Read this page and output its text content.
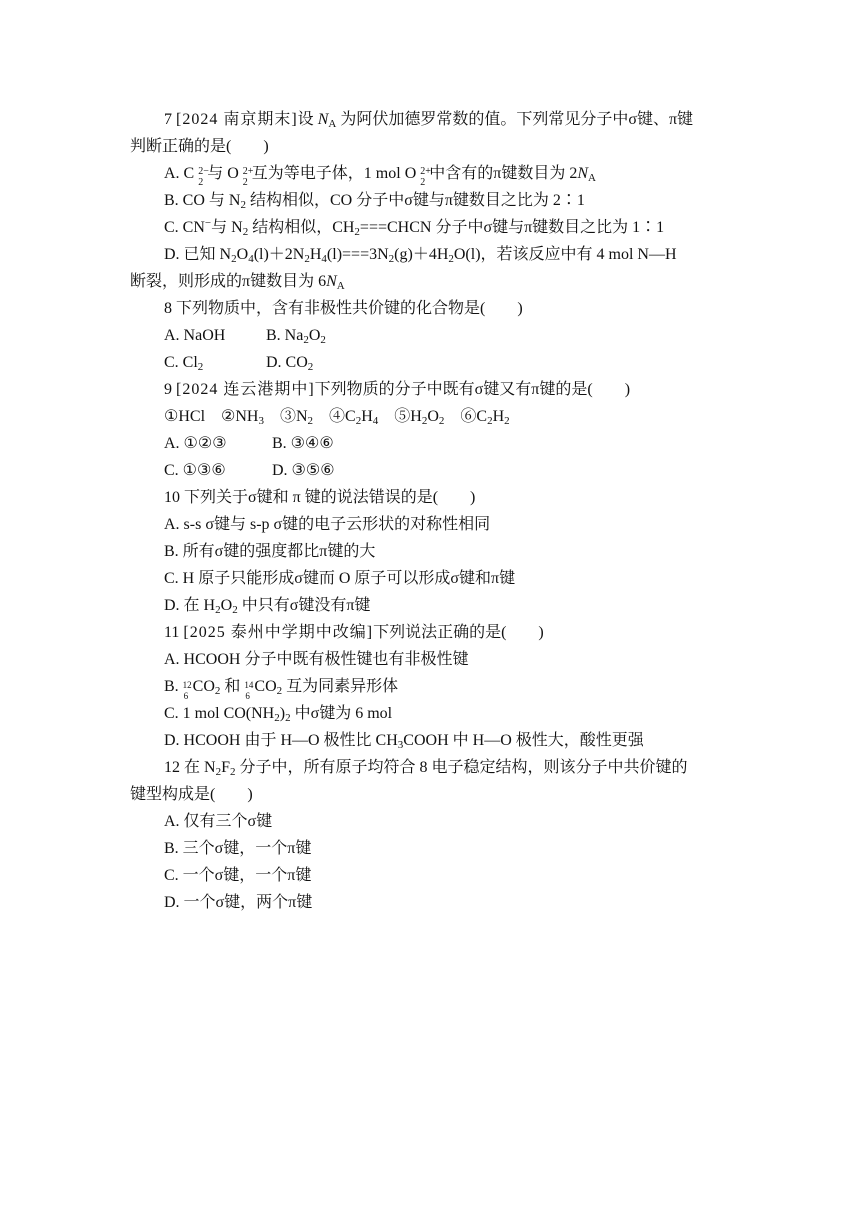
7 [2024 南京期末]设 $N_A$ 为阿伏加德罗常数的值。下列常见分子中σ键、π键
判断正确的是(　　)
A. C 2−
2
与 O 2+
2
互为等电子体，1 mol O 2+
2
中含有的π键数目为 $2N_A$
B. CO 与 $N_2$ 结构相似，CO 分子中σ键与π键数目之比为 2∶1
C. CN−与 $N_2$ 结构相似，$CH_2===CHCN$ 分子中σ键与π键数目之比为 1∶1
D. 已知 $N_2O_4(l)+2N_2H_4(l)===3N_2(g)+4H_2O(l)$，若该反应中有 4 mol N—H
断裂，则形成的π键数目为 $6N_A$
8 下列物质中，含有非极性共价键的化合物是(　　)
A. NaOH	B. $Na_2O_2$
C. $Cl_2$	D. $CO_2$
9 [2024 连云港期中]下列物质的分子中既有σ键又有π键的是(　　)
①HCl　$②NH_3$　$③N_2$　$④C_2H_4$　$⑤H_2O_2$　$⑥C_2H_2$
A. ①②③	B. ③④⑥
C. ①③⑥	D. ③⑤⑥
10 下列关于σ键和 π 键的说法错误的是(　　)
A. s-s σ键与 s-p σ键的电子云形状的对称性相同
B. 所有σ键的强度都比π键的大
C. H 原子只能形成σ键而 O 原子可以形成σ键和π键
D. 在 $H_2O_2$ 中只有σ键没有π键
11 [2025 泰州中学期中改编]下列说法正确的是(　　)
A. HCOOH 分子中既有极性键也有非极性键
B. 12
6
$CO_2$ 和 14
6
$CO_2$ 互为同素异形体
C. 1 mol $CO(NH_2)_2$ 中σ键为 6 mol
D. HCOOH 由于 H—O 极性比 $CH_3COOH$ 中 H—O 极性大，酸性更强
12 在 $N_2F_2$ 分子中，所有原子均符合 8 电子稳定结构，则该分子中共价键的
键型构成是(　　)
A. 仅有三个σ键
B. 三个σ键，一个π键
C. 一个σ键，一个π键
D. 一个σ键，两个π键
